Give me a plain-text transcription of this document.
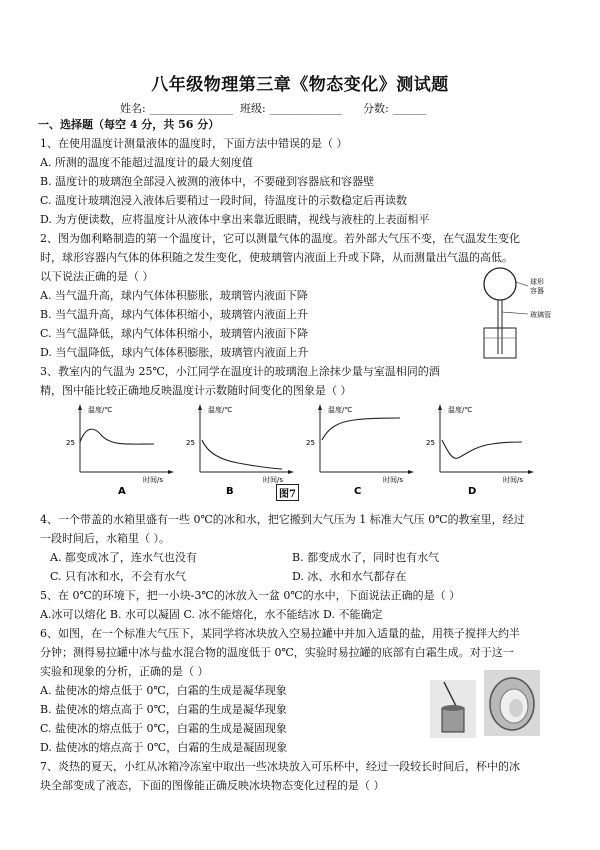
八年级物理第三章《物态变化》测试题
姓名: _______________ 班级: _____________ 分数: ______
一、选择题（每空 4 分，共 56 分）
1、在使用温度计测量液体的温度时，下面方法中错误的是（ ）
A. 所测的温度不能超过温度计的最大刻度值
B. 温度计的玻璃泡全部浸入被测的液体中，不要碰到容器底和容器壁
C. 温度计玻璃泡浸入液体后要稍过一段时间，待温度计的示数稳定后再读数
D. 为方便读数，应将温度计从液体中拿出来靠近眼睛，视线与液柱的上表面相平
2、图为伽利略制造的第一个温度计，它可以测量气体的温度。若外部大气压不变，在气温发生变化
时，球形容器内气体的体积随之发生变化，使玻璃管内液面上升或下降，从而测量出气温的高低。
以下说法正确的是（ ）
A. 当气温升高，球内气体体积膨胀，玻璃管内液面下降
B. 当气温升高，球内气体体积缩小，玻璃管内液面上升
C. 当气温降低，球内气体体积缩小，玻璃管内液面下降
D. 当气温降低，球内气体体积膨胀，玻璃管内液面上升
球形
容器
玻璃管
3、教室内的气温为 25℃，小江同学在温度计的玻璃泡上涂抹少量与室温相同的酒
精，图中能比较正确地反映温度计示数随时间变化的图象是（ ）
温度/℃
时间/s
25
A
温度/℃
时间/s
25
B
温度/℃
时间/s
25
C
温度/℃
时间/s
25
D
图7
4、一个带盖的水箱里盛有一些 0℃的冰和水，把它搬到大气压为 1 标准大气压 0℃的教室里，经过
一段时间后，水箱里（ ）。
A. 都变成冰了，连水气也没有	B. 都变成水了，同时也有水气
C. 只有冰和水，不会有水气	D. 冰、水和水气都存在
5、在 0℃的环境下，把一小块-3℃的冰放入一盆 0℃的水中，下面说法正确的是（ ）
A.冰可以熔化 B. 水可以凝固 C. 冰不能熔化，水不能结冰 D. 不能确定
6、如图，在一个标准大气压下，某同学将冰块放入空易拉罐中并加入适量的盐，用筷子搅拌大约半
分钟；测得易拉罐中冰与盐水混合物的温度低于 0℃，实验时易拉罐的底部有白霜生成。对于这一
实验和现象的分析，正确的是（ ）
A. 盐使冰的熔点低于 0℃，白霜的生成是凝华现象
B. 盐使冰的熔点高于 0℃，白霜的生成是凝华现象
C. 盐使冰的熔点低于 0℃，白霜的生成是凝固现象
D. 盐使冰的熔点高于 0℃，白霜的生成是凝固现象
7、炎热的夏天，小红从冰箱冷冻室中取出一些冰块放入可乐杯中，经过一段较长时间后，杯中的冰
块全部变成了液态，下面的图像能正确反映冰块物态变化过程的是（ ）
